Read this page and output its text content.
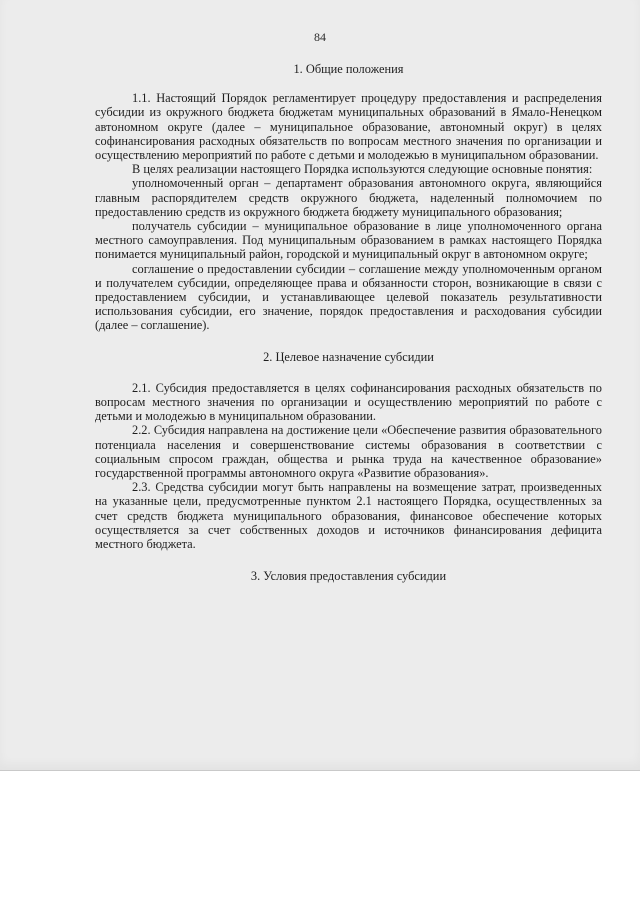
84

1. Общие положения

1.1. Настоящий Порядок регламентирует процедуру предоставления и распределения субсидии из окружного бюджета бюджетам муниципальных образований в Ямало-Ненецком автономном округе (далее – муниципальное образование, автономный округ) в целях софинансирования расходных обязательств по вопросам местного значения по организации и осуществлению мероприятий по работе с детьми и молодежью в муниципальном образовании.

В целях реализации настоящего Порядка используются следующие основные понятия:

уполномоченный орган – департамент образования автономного округа, являющийся главным распорядителем средств окружного бюджета, наделенный полномочием по предоставлению средств из окружного бюджета бюджету муниципального образования;

получатель субсидии – муниципальное образование в лице уполномоченного органа местного самоуправления. Под муниципальным образованием в рамках настоящего Порядка понимается муниципальный район, городской и муниципальный округ в автономном округе;

соглашение о предоставлении субсидии – соглашение между уполномоченным органом и получателем субсидии, определяющее права и обязанности сторон, возникающие в связи с предоставлением субсидии, и устанавливающее целевой показатель результативности использования субсидии, его значение, порядок предоставления и расходования субсидии (далее – соглашение).

2. Целевое назначение субсидии

2.1. Субсидия предоставляется в целях софинансирования расходных обязательств по вопросам местного значения по организации и осуществлению мероприятий по работе с детьми и молодежью в муниципальном образовании.

2.2. Субсидия направлена на достижение цели «Обеспечение развития образовательного потенциала населения и совершенствование системы образования в соответствии с социальным спросом граждан, общества и рынка труда на качественное образование» государственной программы автономного округа «Развитие образования».

2.3. Средства субсидии могут быть направлены на возмещение затрат, произведенных на указанные цели, предусмотренные пунктом 2.1 настоящего Порядка, осуществленных за счет средств бюджета муниципального образования, финансовое обеспечение которых осуществляется за счет собственных доходов и источников финансирования дефицита местного бюджета.

3. Условия предоставления субсидии
